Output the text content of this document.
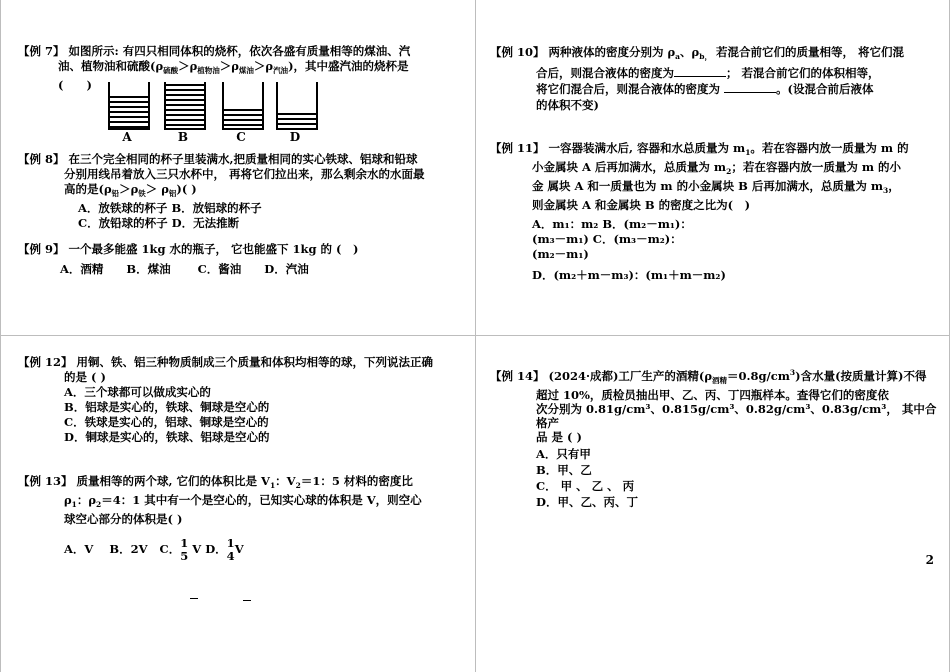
【例 7】 如图所示: 有四只相同体积的烧杯，依次各盛有质量相等的煤油、汽

油、植物油和硫酸$(\rho_{硫酸}>\rho_{植物油}>\rho_{煤油}>\rho_{汽油})$，其中盛汽油的烧杯是

(　　)

A	B	C	D

【例 8】 在三个完全相同的杯子里装满水,把质量相同的实心铁球、铝球和铅球

分别用线吊着放入三只水杯中， 再将它们拉出来，那么剩余水的水面最

高的是$(\rho_铅>\rho_铁> \rho_铝)$( )

A．放铁球的杯子 B．放铝球的杯子

C．放铅球的杯子 D．无法推断

【例 9】 一个最多能盛 1kg 水的瓶子， 它也能盛下 1kg 的 (　)

A．酒精　　B．煤油　　 C．酱油　　D．汽油

【例 10】 两种液体的密度分别为 $\rho_a$、$\rho_{b,}$ 若混合前它们的质量相等， 将它们混

合后，则混合液体的密度为	； 若混合前它们的体积相等，

将它们混合后，则混合液体的密度为	。(设混合前后液体

的体积不变)

【例 11】 一容器装满水后, 容器和水总质量为 $m_1$。若在容器内放一质量为 m 的

小金属块 A 后再加满水，总质量为 $m_2$；若在容器内放一质量为 m 的小

金 属块 A 和一质量也为 m 的小金属块 B 后再加满水，总质量为 $m_3$，

则金属块 A 和金属块 B 的密度之比为(　)

A．m₁：m₂ B．(m₂－m₁)：

(m₃－m₁) C．(m₃－m₂)：

(m₂－m₁)

D．(m₂＋m－m₃)：(m₁＋m－m₂)

【例 12】 用铜、铁、铝三种物质制成三个质量和体积均相等的球，下列说法正确

的是 ( )

A．三个球都可以做成实心的

B．铝球是实心的，铁球、铜球是空心的

C．铁球是实心的，铝球、铜球是空心的

D．铜球是实心的，铁球、铝球是空心的

【例 13】 质量相等的两个球, 它们的体积比是 $V_1$：$V_2=1$：5 材料的密度比

$\rho_1$：$\rho_2=4$：1 其中有一个是空心的，已知实心球的体积是 V，则空心

球空心部分的体积是( )

A．V B．2V C．1
5 V D．1
4V

【例 14】 (2024·成都)工厂生产的酒精$(\rho_{酒精}=0.8g/cm^3)$含水量(按质量计算)不得

超过 10%，质检员抽出甲、乙、丙、丁四瓶样本。查得它们的密度依

次分别为 0.81g/cm³、0.815g/cm³、0.82g/cm³、0.83g/cm³， 其中合格产

品 是 ( )

A．只有甲

B．甲、乙

C． 甲 、 乙 、 丙

D．甲、乙、丙、丁

2
